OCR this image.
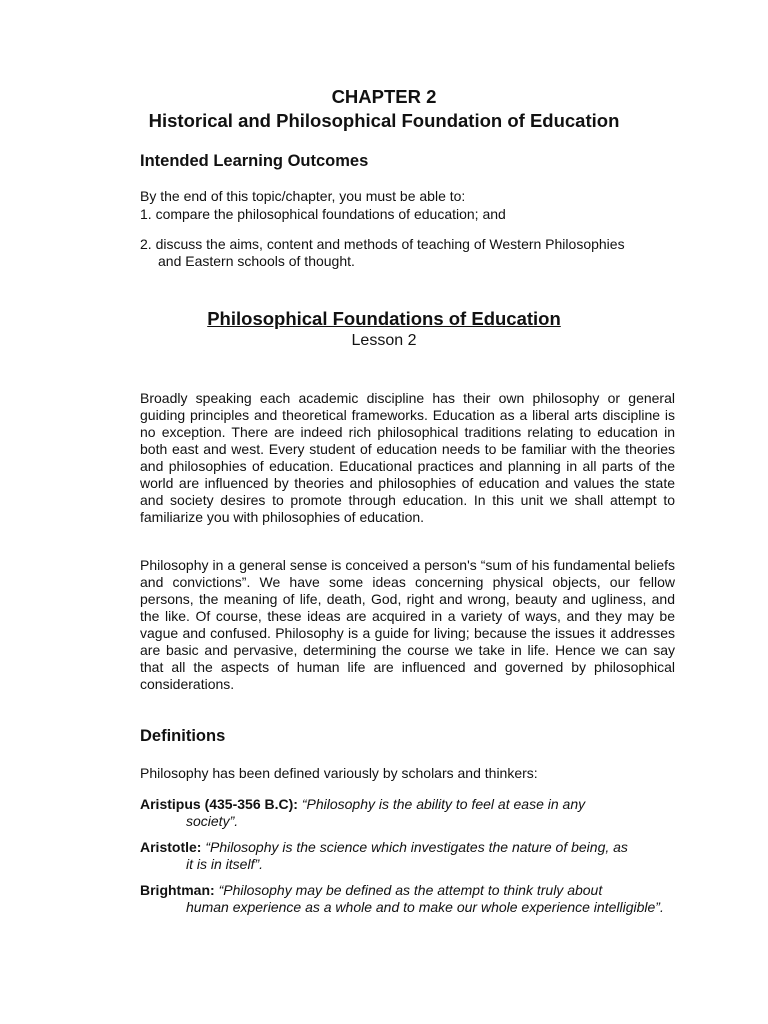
CHAPTER 2
Historical and Philosophical Foundation of Education
Intended Learning Outcomes
By the end of this topic/chapter, you must be able to:
1. compare the philosophical foundations of education; and
2. discuss the aims, content and methods of teaching of Western Philosophies
and Eastern schools of thought.
Philosophical Foundations of Education
Lesson 2
Broadly speaking each academic discipline has their own philosophy or general guiding principles and theoretical frameworks. Education as a liberal arts discipline is no exception. There are indeed rich philosophical traditions relating to education in both east and west. Every student of education needs to be familiar with the theories and philosophies of education. Educational practices and planning in all parts of the world are influenced by theories and philosophies of education and values the state and society desires to promote through education. In this unit we shall attempt to familiarize you with philosophies of education.
Philosophy in a general sense is conceived a person's “sum of his fundamental beliefs and convictions”. We have some ideas concerning physical objects, our fellow persons, the meaning of life, death, God, right and wrong, beauty and ugliness, and the like. Of course, these ideas are acquired in a variety of ways, and they may be vague and confused. Philosophy is a guide for living; because the issues it addresses are basic and pervasive, determining the course we take in life. Hence we can say that all the aspects of human life are influenced and governed by philosophical considerations.
Definitions
Philosophy has been defined variously by scholars and thinkers:
Aristipus (435-356 B.C): “Philosophy is the ability to feel at ease in any
society”.
Aristotle: “Philosophy is the science which investigates the nature of being, as
it is in itself”.
Brightman: “Philosophy may be defined as the attempt to think truly about
human experience as a whole and to make our whole experience intelligible”.
